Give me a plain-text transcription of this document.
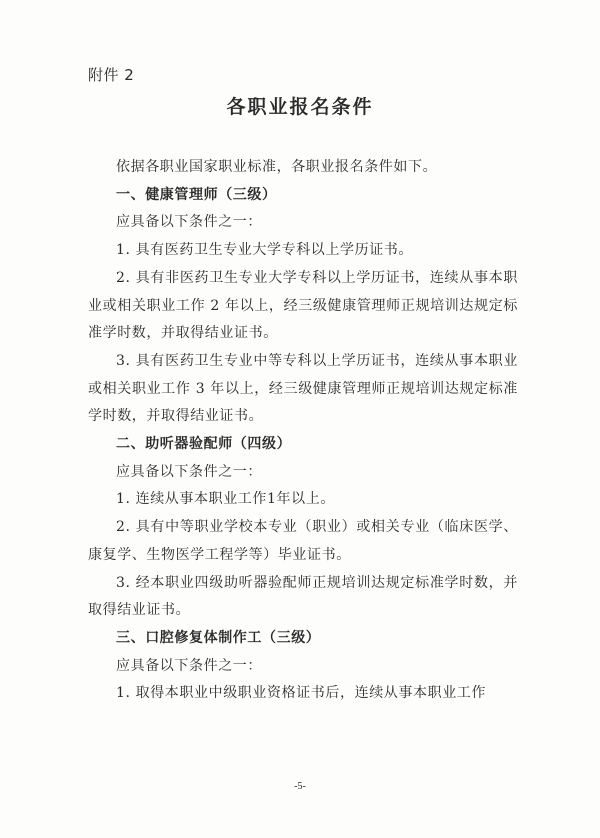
附件 2
各职业报名条件

依据各职业国家职业标准，各职业报名条件如下。

一、健康管理师（三级）

应具备以下条件之一：

1. 具有医药卫生专业大学专科以上学历证书。

2. 具有非医药卫生专业大学专科以上学历证书，连续从事本职业或相关职业工作 2 年以上，经三级健康管理师正规培训达规定标准学时数，并取得结业证书。

3. 具有医药卫生专业中等专科以上学历证书，连续从事本职业或相关职业工作 3 年以上，经三级健康管理师正规培训达规定标准学时数，并取得结业证书。

二、助听器验配师（四级）

应具备以下条件之一：

1. 连续从事本职业工作1年以上。

2. 具有中等职业学校本专业（职业）或相关专业（临床医学、康复学、生物医学工程学等）毕业证书。

3. 经本职业四级助听器验配师正规培训达规定标准学时数，并取得结业证书。

三、口腔修复体制作工（三级）

应具备以下条件之一：

1. 取得本职业中级职业资格证书后，连续从事本职业工作

-5-
